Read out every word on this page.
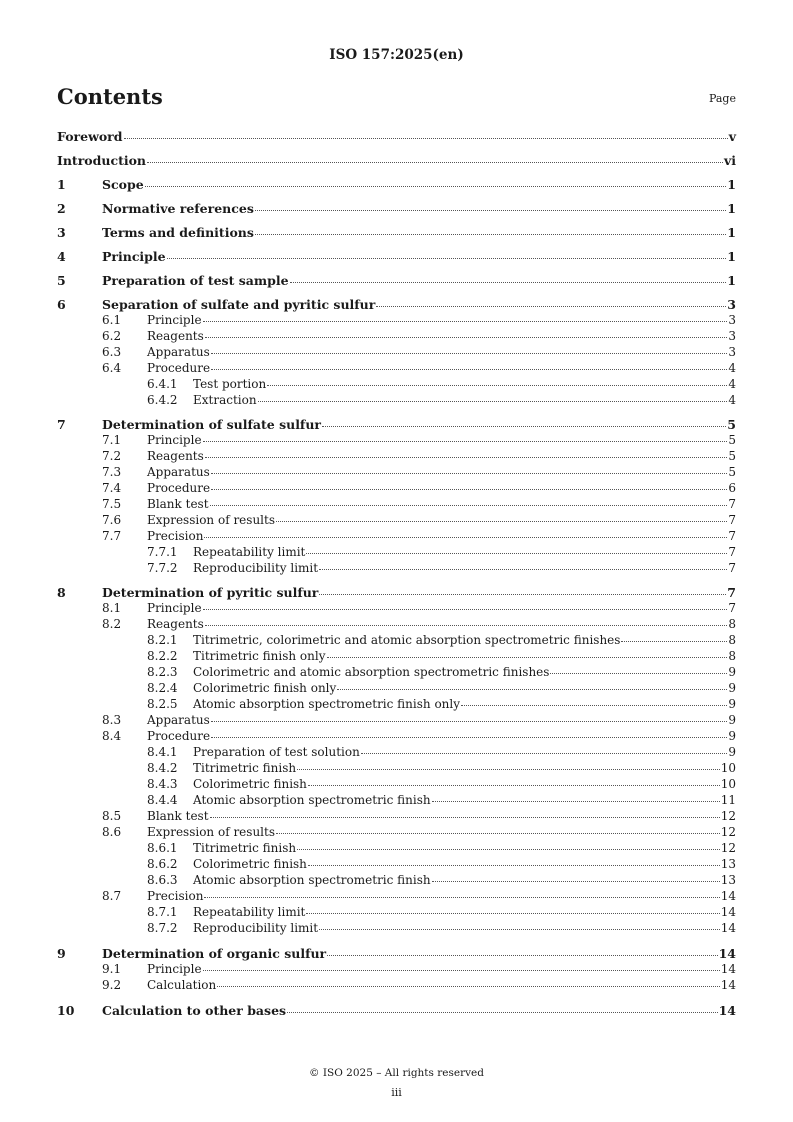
ISO 157:2025(en)
Contents	Page
Foreword	v
Introduction	vi
1	Scope	1
2	Normative references	1
3	Terms and definitions	1
4	Principle	1
5	Preparation of test sample	1
6	Separation of sulfate and pyritic sulfur	3
6.1	Principle	3
6.2	Reagents	3
6.3	Apparatus	3
6.4	Procedure	4
6.4.1	Test portion	4
6.4.2	Extraction	4
7	Determination of sulfate sulfur	5
7.1	Principle	5
7.2	Reagents	5
7.3	Apparatus	5
7.4	Procedure	6
7.5	Blank test	7
7.6	Expression of results	7
7.7	Precision	7
7.7.1	Repeatability limit	7
7.7.2	Reproducibility limit	7
8	Determination of pyritic sulfur	7
8.1	Principle	7
8.2	Reagents	8
8.2.1	Titrimetric, colorimetric and atomic absorption spectrometric finishes	8
8.2.2	Titrimetric finish only	8
8.2.3	Colorimetric and atomic absorption spectrometric finishes	9
8.2.4	Colorimetric finish only	9
8.2.5	Atomic absorption spectrometric finish only	9
8.3	Apparatus	9
8.4	Procedure	9
8.4.1	Preparation of test solution	9
8.4.2	Titrimetric finish	10
8.4.3	Colorimetric finish	10
8.4.4	Atomic absorption spectrometric finish	11
8.5	Blank test	12
8.6	Expression of results	12
8.6.1	Titrimetric finish	12
8.6.2	Colorimetric finish	13
8.6.3	Atomic absorption spectrometric finish	13
8.7	Precision	14
8.7.1	Repeatability limit	14
8.7.2	Reproducibility limit	14
9	Determination of organic sulfur	14
9.1	Principle	14
9.2	Calculation	14
10	Calculation to other bases	14
© ISO 2025 – All rights reserved
iii
